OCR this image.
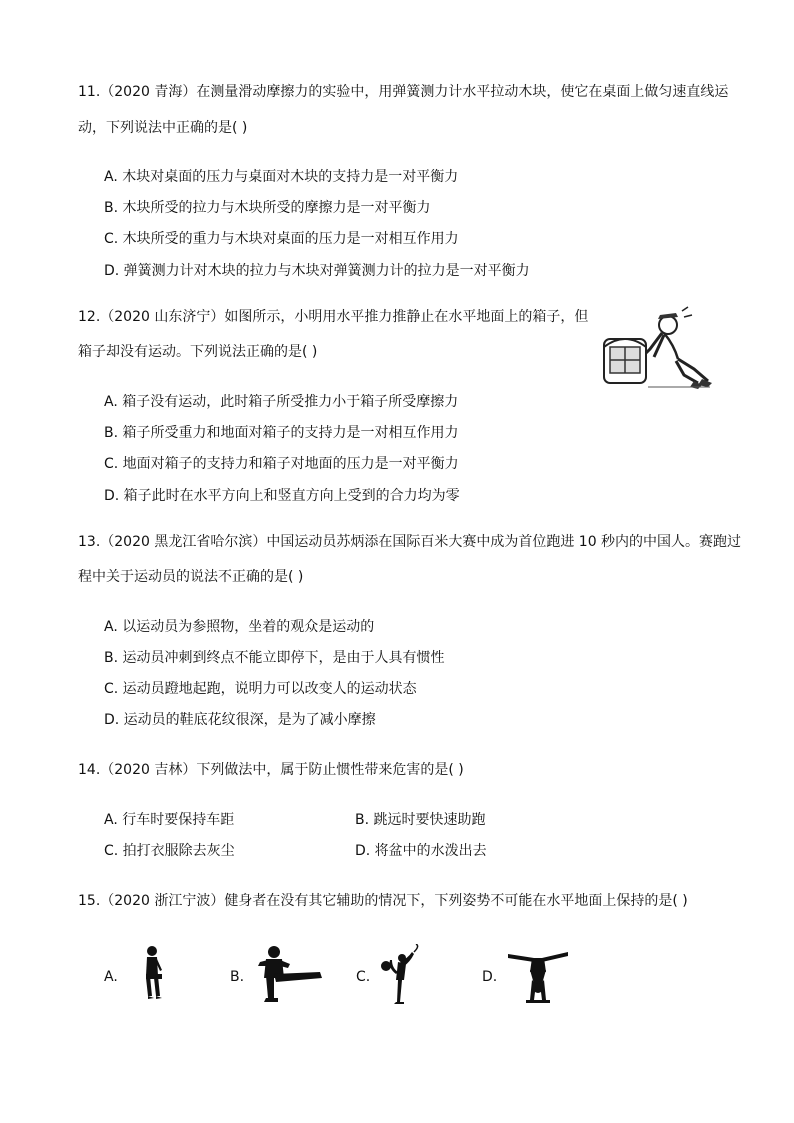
11.（2020 青海）在测量滑动摩擦力的实验中，用弹簧测力计水平拉动木块，使它在桌面上做匀速直线运
动，下列说法中正确的是( )
A. 木块对桌面的压力与桌面对木块的支持力是一对平衡力
B. 木块所受的拉力与木块所受的摩擦力是一对平衡力
C. 木块所受的重力与木块对桌面的压力是一对相互作用力
D. 弹簧测力计对木块的拉力与木块对弹簧测力计的拉力是一对平衡力
12.（2020 山东济宁）如图所示，小明用水平推力推静止在水平地面上的箱子，但
箱子却没有运动。下列说法正确的是( )
A. 箱子没有运动，此时箱子所受推力小于箱子所受摩擦力
B. 箱子所受重力和地面对箱子的支持力是一对相互作用力
C. 地面对箱子的支持力和箱子对地面的压力是一对平衡力
D. 箱子此时在水平方向上和竖直方向上受到的合力均为零
13.（2020 黑龙江省哈尔滨）中国运动员苏炳添在国际百米大赛中成为首位跑进 10 秒内的中国人。赛跑过
程中关于运动员的说法不正确的是( )
A. 以运动员为参照物，坐着的观众是运动的
B. 运动员冲刺到终点不能立即停下，是由于人具有惯性
C. 运动员蹬地起跑，说明力可以改变人的运动状态
D. 运动员的鞋底花纹很深，是为了减小摩擦
14.（2020 吉林）下列做法中，属于防止惯性带来危害的是( )
A. 行车时要保持车距	B. 跳远时要快速助跑
C. 拍打衣服除去灰尘	D. 将盆中的水泼出去
15.（2020 浙江宁波）健身者在没有其它辅助的情况下，下列姿势不可能在水平地面上保持的是( )
A.	B.	C.	D.
